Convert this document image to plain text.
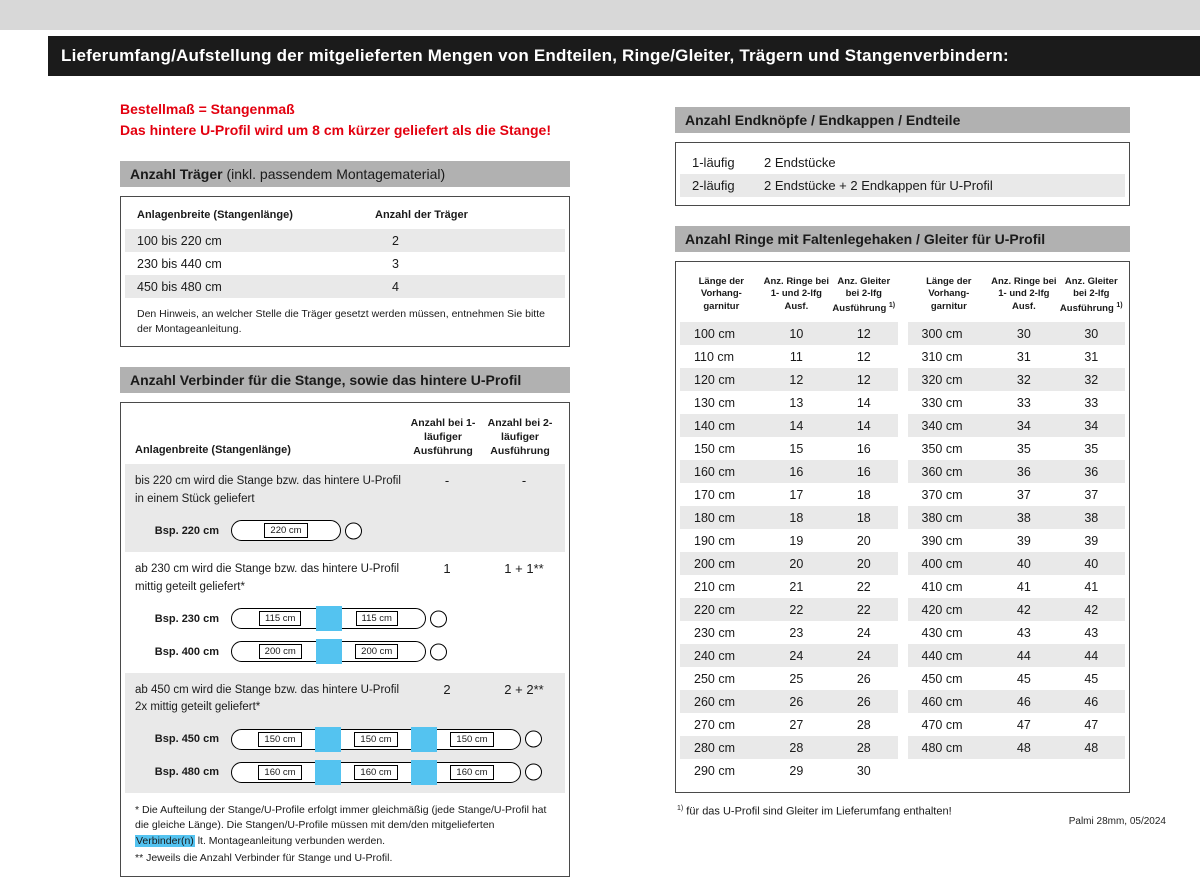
Lieferumfang/Aufstellung der mitgelieferten Mengen von Endteilen, Ringe/Gleiter, Trägern und Stangenverbindern:
Bestellmaß = Stangenmaß
Das hintere U-Profil wird um 8 cm kürzer geliefert als die Stange!
Anzahl Träger (inkl. passendem Montagematerial)
Anlagenbreite (Stangenlänge)	Anzahl der Träger
100 bis 220 cm	2
230 bis 440 cm	3
450 bis 480 cm	4
Den Hinweis, an welcher Stelle die Träger gesetzt werden müssen, entnehmen Sie bitte der Montageanleitung.
Anzahl Verbinder für die Stange, sowie das hintere U-Profil
Anlagenbreite (Stangenlänge)
Anzahl bei 1-läufiger Ausführung
Anzahl bei 2-läufiger Ausführung
bis 220 cm wird die Stange bzw. das hintere U-Profil
in einem Stück geliefert
-	-
Bsp. 220 cm	220 cm
ab 230 cm wird die Stange bzw. das hintere U-Profil
mittig geteilt geliefert*
1	1 + 1**
Bsp. 230 cm	115 cm	115 cm
Bsp. 400 cm	200 cm	200 cm
ab 450 cm wird die Stange bzw. das hintere U-Profil
2x mittig geteilt geliefert*
2	2 + 2**
Bsp. 450 cm	150 cm	150 cm	150 cm
Bsp. 480 cm	160 cm	160 cm	160 cm
* Die Aufteilung der Stange/U-Profile erfolgt immer gleichmäßig (jede Stange/U-Profil hat die gleiche Länge). Die Stangen/U-Profile müssen mit dem/den mitgelieferten Verbinder(n) lt. Montageanleitung verbunden werden.
** Jeweils die Anzahl Verbinder für Stange und U-Profil.
Anzahl Endknöpfe / Endkappen / Endteile
1-läufig	2 Endstücke
2-läufig	2 Endstücke + 2 Endkappen für U-Profil
Anzahl Ringe mit Faltenlegehaken / Gleiter für U-Profil
Länge der Vorhang-garnitur
Anz. Ringe bei 1- und 2-lfg Ausf.
Anz. Gleiter bei 2-lfg Ausführung $^{1)}$
100 cm	10	12
110 cm	11	12
120 cm	12	12
130 cm	13	14
140 cm	14	14
150 cm	15	16
160 cm	16	16
170 cm	17	18
180 cm	18	18
190 cm	19	20
200 cm	20	20
210 cm	21	22
220 cm	22	22
230 cm	23	24
240 cm	24	24
250 cm	25	26
260 cm	26	26
270 cm	27	28
280 cm	28	28
290 cm	29	30
Länge der Vorhang-garnitur
Anz. Ringe bei 1- und 2-lfg Ausf.
Anz. Gleiter bei 2-lfg Ausführung $^{1)}$
300 cm	30	30
310 cm	31	31
320 cm	32	32
330 cm	33	33
340 cm	34	34
350 cm	35	35
360 cm	36	36
370 cm	37	37
380 cm	38	38
390 cm	39	39
400 cm	40	40
410 cm	41	41
420 cm	42	42
430 cm	43	43
440 cm	44	44
450 cm	45	45
460 cm	46	46
470 cm	47	47
480 cm	48	48
$^{1)}$ für das U-Profil sind Gleiter im Lieferumfang enthalten!
Palmi 28mm, 05/2024
